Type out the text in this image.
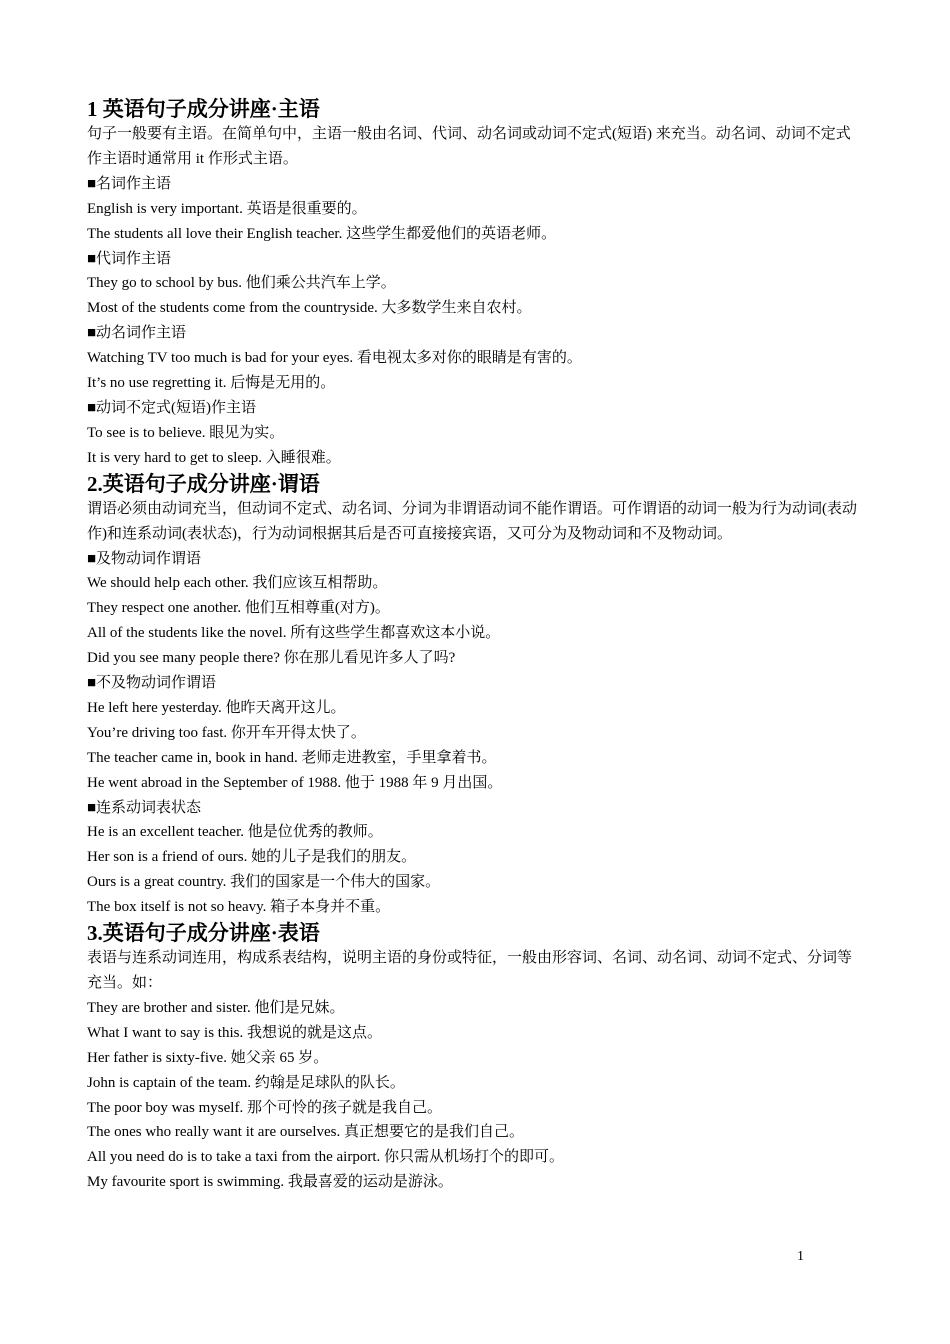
1 英语句子成分讲座·主语
句子一般要有主语。在简单句中，主语一般由名词、代词、动名词或动词不定式(短语) 来充当。动名词、动词不定式作主语时通常用 it 作形式主语。
■名词作主语
English is very important. 英语是很重要的。
The students all love their English teacher. 这些学生都爱他们的英语老师。
■代词作主语
They go to school by bus. 他们乘公共汽车上学。
Most of the students come from the countryside. 大多数学生来自农村。
■动名词作主语
Watching TV too much is bad for your eyes. 看电视太多对你的眼睛是有害的。
It’s no use regretting it. 后悔是无用的。
■动词不定式(短语)作主语
To see is to believe. 眼见为实。
It is very hard to get to sleep. 入睡很难。
2.英语句子成分讲座·谓语
谓语必须由动词充当，但动词不定式、动名词、分词为非谓语动词不能作谓语。可作谓语的动词一般为行为动词(表动作)和连系动词(表状态)，行为动词根据其后是否可直接接宾语，又可分为及物动词和不及物动词。
■及物动词作谓语
We should help each other. 我们应该互相帮助。
They respect one another. 他们互相尊重(对方)。
All of the students like the novel. 所有这些学生都喜欢这本小说。
Did you see many people there? 你在那儿看见许多人了吗?
■不及物动词作谓语
He left here yesterday. 他昨天离开这儿。
You’re driving too fast. 你开车开得太快了。
The teacher came in, book in hand. 老师走进教室，手里拿着书。
He went abroad in the September of 1988. 他于 1988 年 9 月出国。
■连系动词表状态
He is an excellent teacher. 他是位优秀的教师。
Her son is a friend of ours. 她的儿子是我们的朋友。
Ours is a great country. 我们的国家是一个伟大的国家。
The box itself is not so heavy. 箱子本身并不重。
3.英语句子成分讲座·表语
表语与连系动词连用，构成系表结构，说明主语的身份或特征，一般由形容词、名词、动名词、动词不定式、分词等充当。如：
They are brother and sister. 他们是兄妹。
What I want to say is this. 我想说的就是这点。
Her father is sixty-five. 她父亲 65 岁。
John is captain of the team. 约翰是足球队的队长。
The poor boy was myself. 那个可怜的孩子就是我自己。
The ones who really want it are ourselves. 真正想要它的是我们自己。
All you need do is to take a taxi from the airport. 你只需从机场打个的即可。
My favourite sport is swimming. 我最喜爱的运动是游泳。
1
